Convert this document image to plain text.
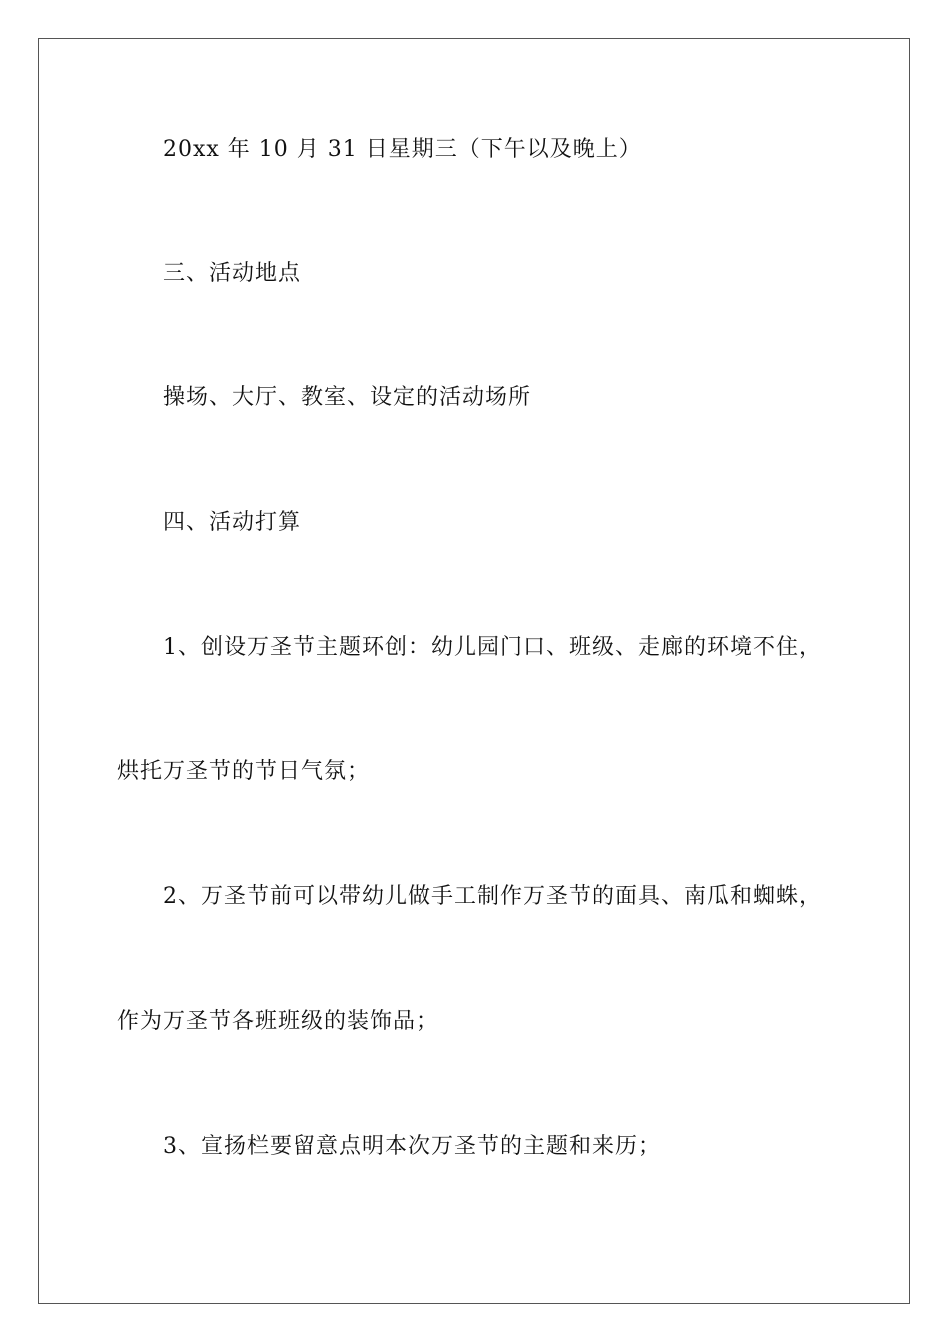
20xx 年 10 月 31 日星期三（下午以及晚上）
三、活动地点
操场、大厅、教室、设定的活动场所
四、活动打算
1、创设万圣节主题环创：幼儿园门口、班级、走廊的环境不住，
烘托万圣节的节日气氛；
2、万圣节前可以带幼儿做手工制作万圣节的面具、南瓜和蜘蛛，
作为万圣节各班班级的装饰品；
3、宣扬栏要留意点明本次万圣节的主题和来历；
